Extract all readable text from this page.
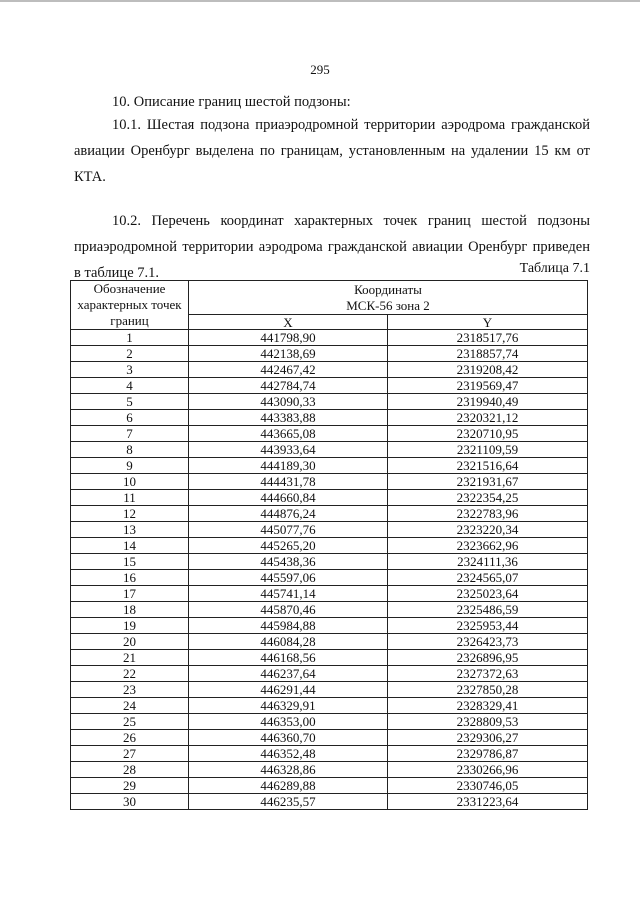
295
10. Описание границ шестой подзоны:
10.1. Шестая подзона приаэродромной территории аэродрома гражданской авиации Оренбург выделена по границам, установленным на удалении 15 км от КТА.
10.2. Перечень координат характерных точек границ шестой подзоны приаэродромной территории аэродрома гражданской авиации Оренбург приведен в таблице 7.1.	Таблица 7.1
Обозначение характерных точек границ	Координаты
МСК-56 зона 2	

	X	Y
1	441798,90	2318517,76
2	442138,69	2318857,74
3	442467,42	2319208,42
4	442784,74	2319569,47
5	443090,33	2319940,49
6	443383,88	2320321,12
7	443665,08	2320710,95
8	443933,64	2321109,59
9	444189,30	2321516,64
10	444431,78	2321931,67
11	444660,84	2322354,25
12	444876,24	2322783,96
13	445077,76	2323220,34
14	445265,20	2323662,96
15	445438,36	2324111,36
16	445597,06	2324565,07
17	445741,14	2325023,64
18	445870,46	2325486,59
19	445984,88	2325953,44
20	446084,28	2326423,73
21	446168,56	2326896,95
22	446237,64	2327372,63
23	446291,44	2327850,28
24	446329,91	2328329,41
25	446353,00	2328809,53
26	446360,70	2329306,27
27	446352,48	2329786,87
28	446328,86	2330266,96
29	446289,88	2330746,05
30	446235,57	2331223,64
